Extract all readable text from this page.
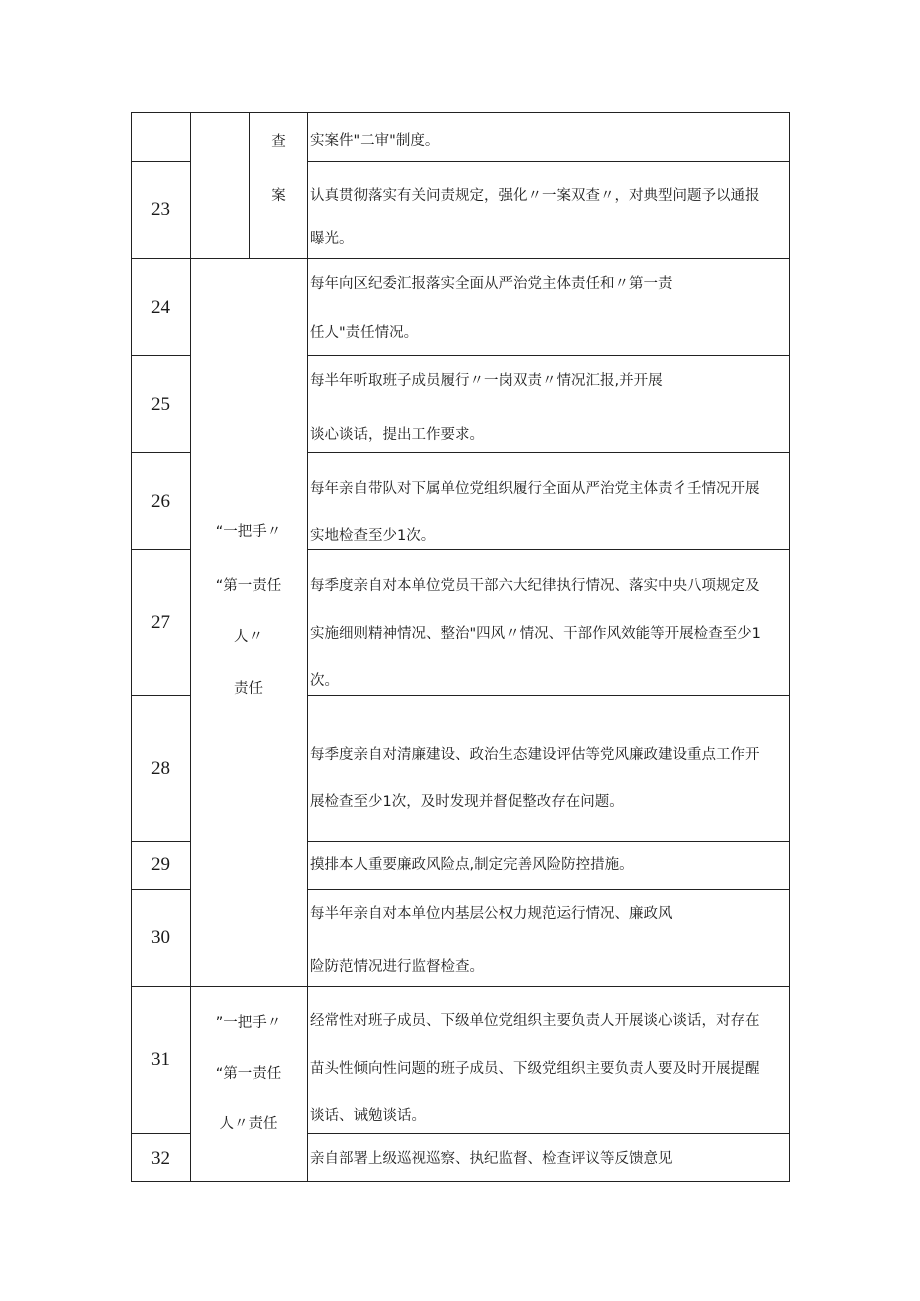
查
案
“一把手〃
“第一责任
人〃
责任
”一把手〃
“第一责任
人〃责任
实案件"二审"制度。
23
认真贯彻落实有关问责规定，强化〃一案双查〃，对典型问题予以通报
曝光。
24
每年向区纪委汇报落实全面从严治党主体责任和〃第一责
任人"责任情况。
25
每半年听取班子成员履行〃一岗双责〃情况汇报,并开展
谈心谈话，提出工作要求。
26
每年亲自带队对下属单位党组织履行全面从严治党主体责彳壬情况开展
实地检查至少1次。
27
每季度亲自对本单位党员干部六大纪律执行情况、落实中央八项规定及
实施细则精神情况、整治"四风〃情况、干部作风效能等开展检查至少1
次。
28
每季度亲自对清廉建设、政治生态建设评估等党风廉政建设重点工作开
展检查至少1次，及时发现并督促整改存在问题。
29	摸排本人重要廉政风险点,制定完善风险防控措施。
30
每半年亲自对本单位内基层公权力规范运行情况、廉政风
险防范情况进行监督检查。
31
经常性对班子成员、下级单位党组织主要负责人开展谈心谈话，对存在
苗头性倾向性问题的班子成员、下级党组织主要负责人要及时开展提醒
谈话、诫勉谈话。
32	亲自部署上级巡视巡察、执纪监督、检查评议等反馈意见
